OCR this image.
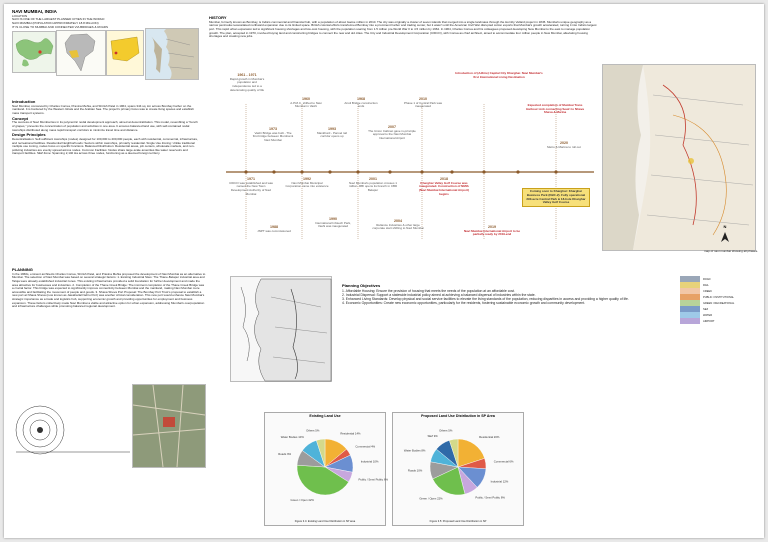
NAVI MUMBAI, INDIA
LOCATION
NAVI IS ONE OF THE LARGEST PLANNED CITIES IN THE WORLD
NAVI MUMBAI (POPULATION APPROXIMATELY 18.8 MILLION)
IT IS CLOSE TO MUMBAI AND CONNECTED VIA BRIDGES & ROADS
Introduction
Navi Mumbai, conceived by Charles Correa, Pravina Mehta, and Shirish Patel in 1964, spans 344 sq. km across Bombay harbor on the mainland. It is bordered by the Western Ghats and the Arabian Sea. The project's primary focus was to create living spaces and establish mass transport systems.
Concept
The success of Navi Mumbai lies in its polycentric nodal development approach, aimed at decentralization. This model, resembling a "bunch of grapes," prevents the concentration of population and activities in one area. It ensures balanced land use, with self-contained nodal townships distributed along mass rapid transport corridors to minimize travel time and distance.
Design Principles
Decentralisation: Self-sufficient townships (nodes) designed for 100,000 to 200,000 people, each with residential, commercial, infrastructure, and recreational facilities. Residential Neighborhoods: Sectors within townships, primarily residential. Single Use Zoning: Unlike traditional multiple use zoning, nodes focus on specific functions. Balanced Distribution: Residential areas, job centers, wholesale markets, and non-polluting industries are evenly spread across nodes. Common Facilities: Nodes share large-scale amenities like water reservoirs and transport facilities. SEZ Zone: Spanning 2,140 Ha across three nodes, functioning as a deemed foreign territory.
HISTORY
Mumbai, formerly known as Bombay, is India's commercial and financial hub, with a population of about twelve million in 2010. The city was originally a cluster of seven islands that merged into a single landmass through the Hornby Vellard project in 1845. Mumbai's unique geography as a narrow peninsula necessitated northward expansion due to its limited space. British colonial efforts transformed Bombay into a prominent harbor and trading center, but it wasn't until the American Civil War disrupted cotton exports that Mumbai's growth accelerated, turning it into India's largest port. This rapid urban expansion led to significant housing shortages and low-cost housing, with the population soaring from 1.5 million pre-World War II to 4.5 million by 1964. In 1964, Charles Correa and his colleagues proposed developing New Mumbai to the east to manage population growth. The plan, accepted in 1970, involved buying land and constructing bridges to connect the new and old cities. The City and Industrial Development Corporation (CIDCO), with Correa as chief architect, aimed to accommodate four million people in New Mumbai, alleviating housing shortages and creating new jobs.
1961 - 1971
Rapid growth in Mumbai's population and independence led to a deteriorating quality of life
1960
A.P.M.C. shifted to Navi Mumbai in Vashi
1968
Airoli Bridge construction ends
2010
Phase 1 of Central Park was inaugurated
1973
Vashi Bridge was built - The first bridge between Mumbai & Navi Mumbai
1993
Mankhurd - Panvel rail corridor opens up
2007
The Union Cabinet gave in-principle approval to the Navi Mumbai International Airport
2020
Metro & Marina to roll out
Introduction of (Adhire) Capital City Kharghar. Navi Mumbai's first International Living Destination
Expected completion of Mumbai Trans Harbour Link connecting Sewri to Nhava Sheva & Marina
1971
CIDCO was established and was named the New Town Development Authority of Navi Mumbai
1992
Navi Mumbai Municipal Corporation came into existence
2001
Navi Mumbai's population crosses 1 million. RBI opens its branch in CBD Belapur
2018
Kharghar Valley Golf Course was inaugurated. Construction of NMIA (Navi Mumbai International Airport) begins
1988
JNPT was commissioned
1990
International Infotech Park, Vashi was inaugurated
2004
Reliance Industries & other large corporate start shifting to Navi Mumbai	2019
Navi Mumbai International Airport to be partially ready by 2019-end
Coming soon to Kharghar: Kharghar Business Park (KBC-2). Fully operational 290-acre Central Park & 18-hole Kharghar Valley Golf Course
map of navi mumbai showing all phases.
N
PLANNING
In the 1960s, eminent architects Charles Correa, Shirish Patel, and Pravina Mehta proposed the development of Navi Mumbai as an alternative to Mumbai. The selection of Navi Mumbai was based on several strategic factors: 1. Existing Industrial Sites: The Thane-Belapur industrial area and Taloja were already established industrial zones. This existing infrastructure provided a solid foundation for further development and made the area attractive for businesses and industries. 2. Completion of the Thane Creek Bridge: The imminent completion of the Thane Creek Bridge was a crucial factor. This bridge was expected to significantly improve connectivity between Mumbai and the mainland, making Navi Mumbai more accessible and facilitating the movement of people and goods. 3. Nhava Sheva Port Proposal: The Bombay Port Trust's proposal to establish a new port at Nhava Sheva (now known as Jawaharlal Nehru Port) was another critical consideration. This new port would enhance Navi Mumbai's strategic importance as a trade and logistics hub, supporting economic growth and providing opportunities for employment and business expansion. These factors collectively made Navi Mumbai a viable and attractive option for urban expansion, addressing Mumbai's overpopulation and infrastructure challenges while promoting balanced regional development.
Planning Objectives
1. Affordable Housing: Ensure the provision of housing that meets the needs of the population at an affordable cost.
2. Industrial Dispersal: Support a statewide industrial policy aimed at achieving a balanced dispersal of industries within the state.
3. Enhanced Living Standards: Develop physical and social service facilities to elevate the living standards of the population, reducing disparities in access and providing a higher quality of life.
4. Economic Opportunities: Create new economic opportunities, particularly for the residents, fostering sustainable economic growth and community development.
ROAD
RAIL
CREEK
PUBLIC / INSTITUTIONAL
GREEN / RECREATIONAL
SEZ
WATER
AIRPORT
Existing Land Use
Residential 14%
Commercial 4%
Industrial 10%
Public / Semi Public 6%
Green / Open 42%
Roads 9%
Water Bodies 10%
Others 5%
Figure 3.4: Existing Land Use Distribution in SP area
Proposed Land Use Distribution in SP Area
Residential 20%
Commercial 6%
Industrial 12%
Public / Semi Public 8%
Green / Open 22%
Roads 10%
Water Bodies 8%
SEZ 9%
Others 5%
Figure 3.5: Proposed Land Use Distribution in SP
